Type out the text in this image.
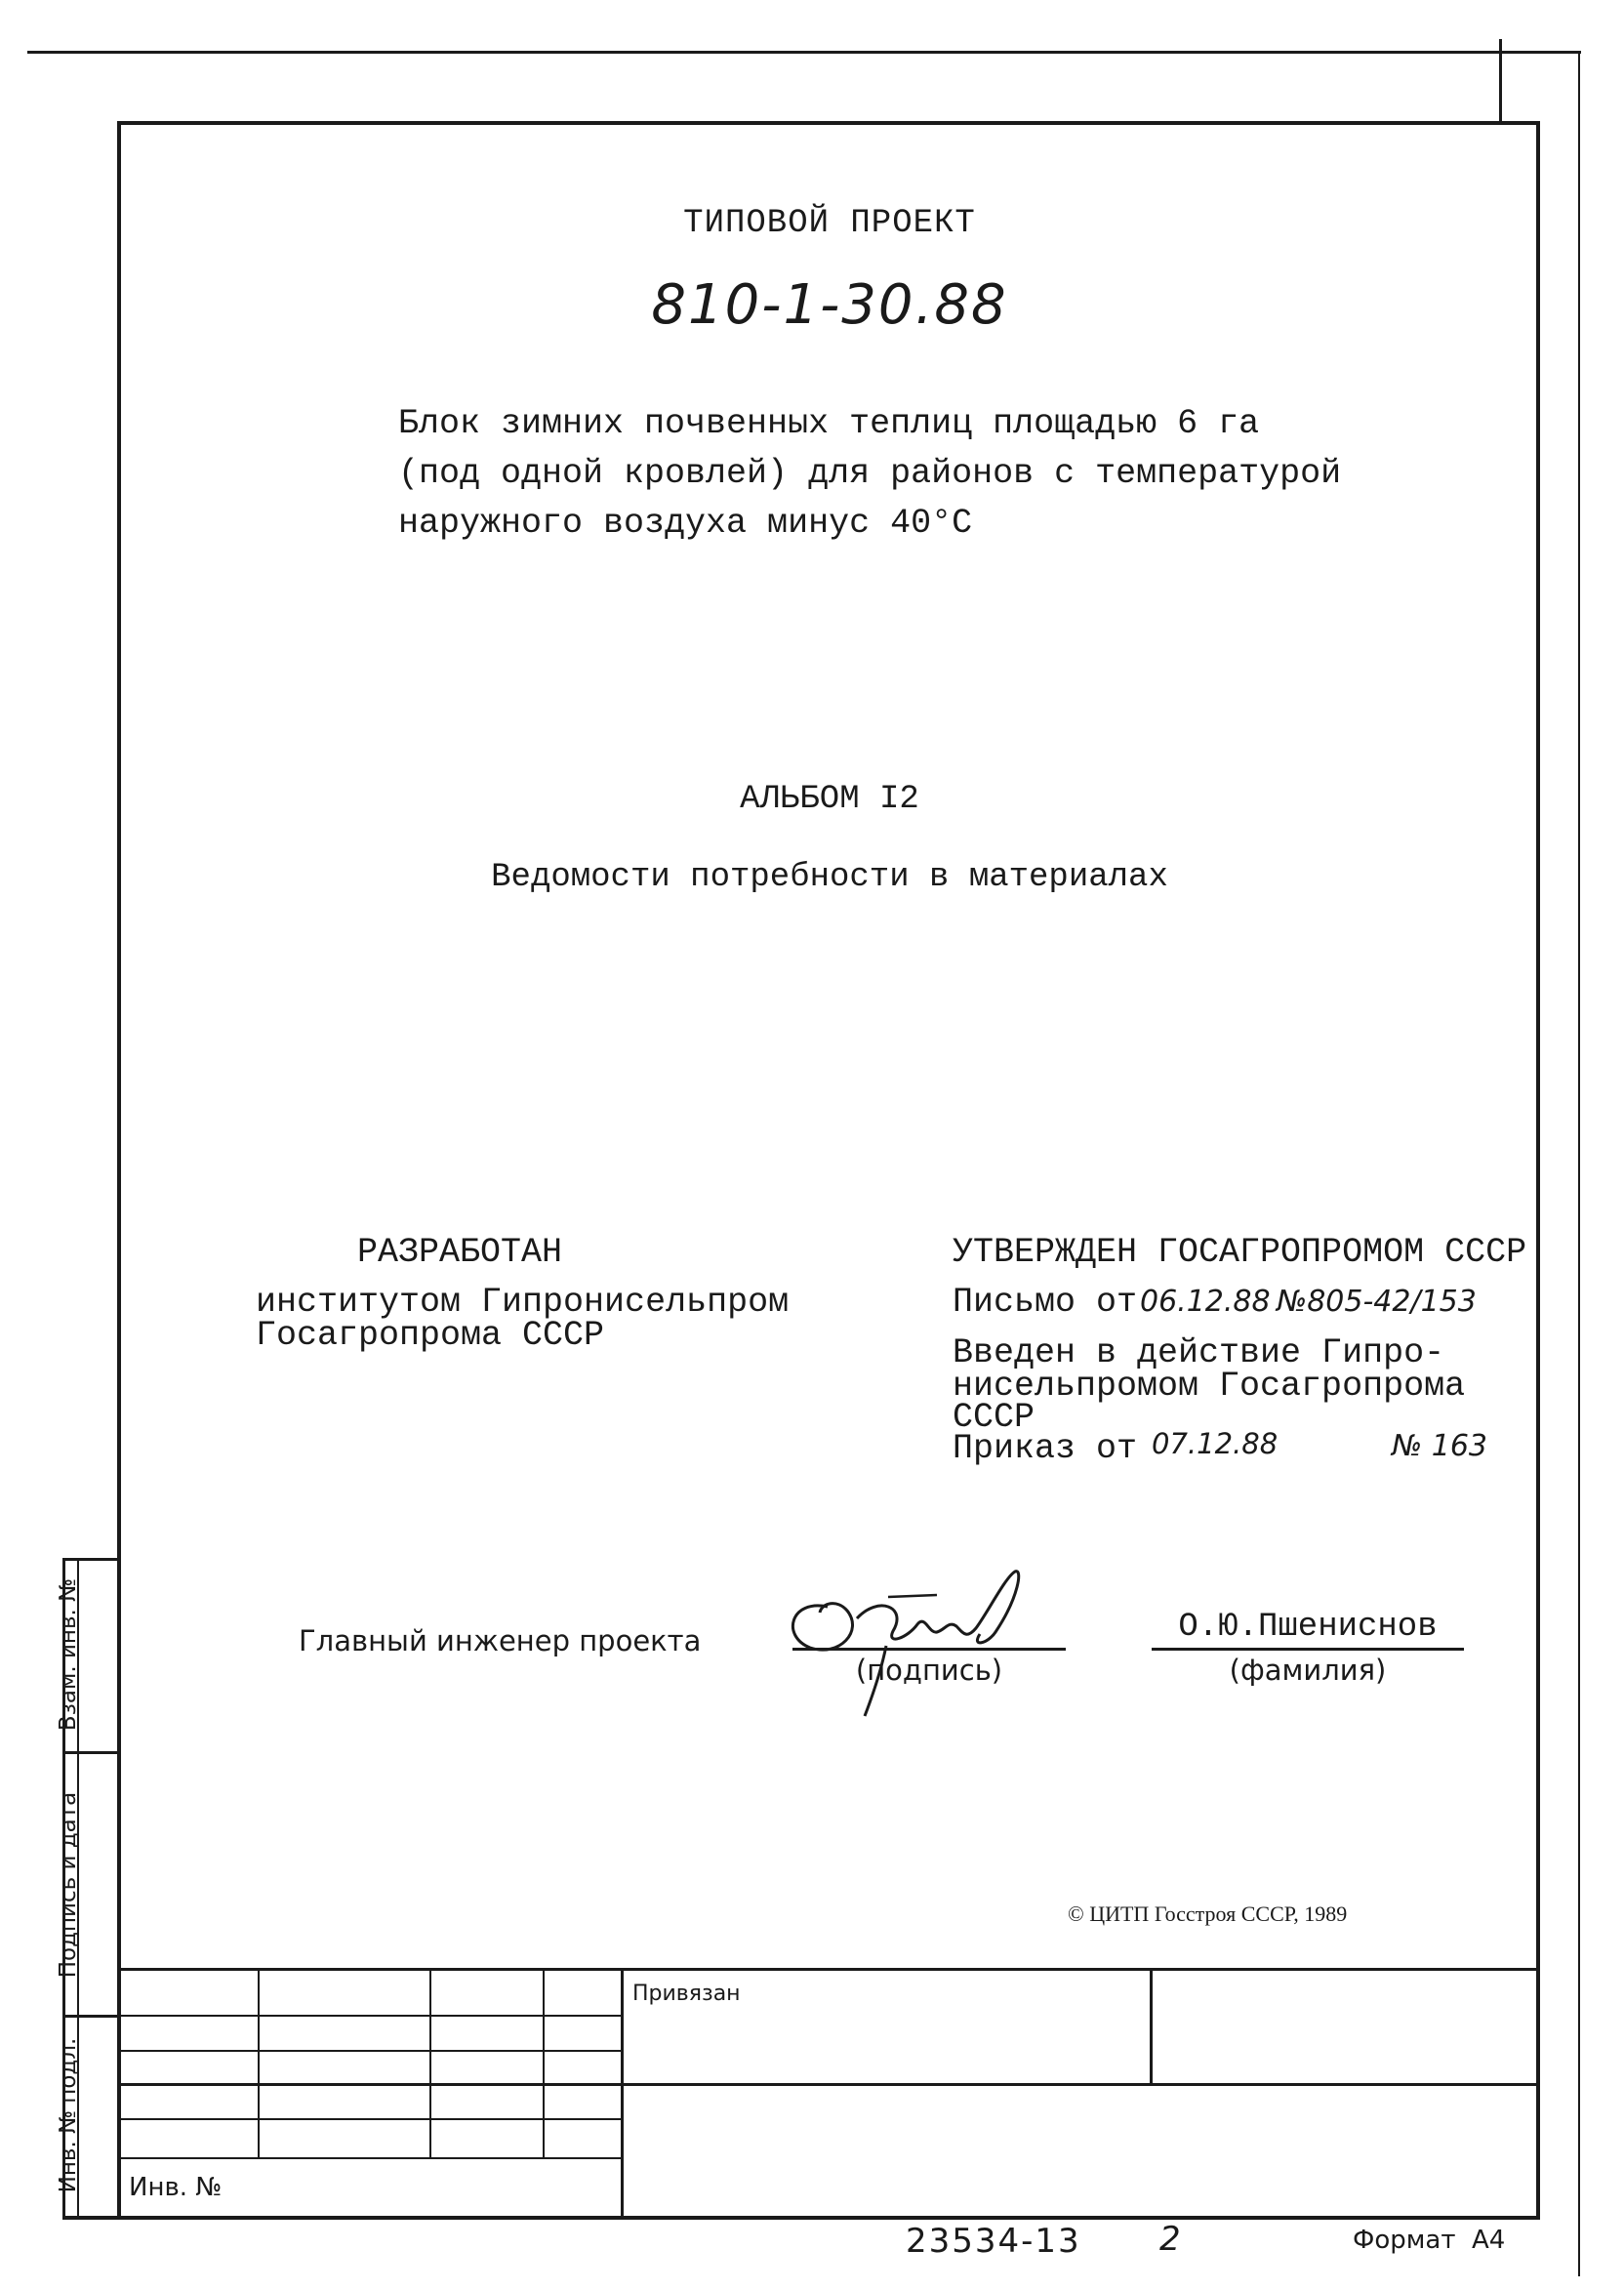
ТИПОВОЙ ПРОЕКТ
810-1-30.88
Блок зимних почвенных теплиц площадью 6 га
(под одной кровлей) для районов с температурой
наружного воздуха минус 40°C
АЛЬБОМ I2
Ведомости потребности в материалах
РАЗРАБОТАН
институтом Гипронисельпром
Госагропрома СССР
УТВЕРЖДЕН ГОСАГРОПРОМОМ СССР
Письмо от 06.12.88 №805-42/153
Введен в действие Гипро-
нисельпромом Госагропрома
СССР
Приказ от 07.12.88	№ 163
Главный инженер проекта
(подпись)
О.Ю.Пшениснов
(фамилия)
© ЦИТП Госстроя СССР, 1989
Взам. инв. №
Подпись и дата
Инв. № подл.
Привязан
Инв. №
23534-13 2	Формат  А4
